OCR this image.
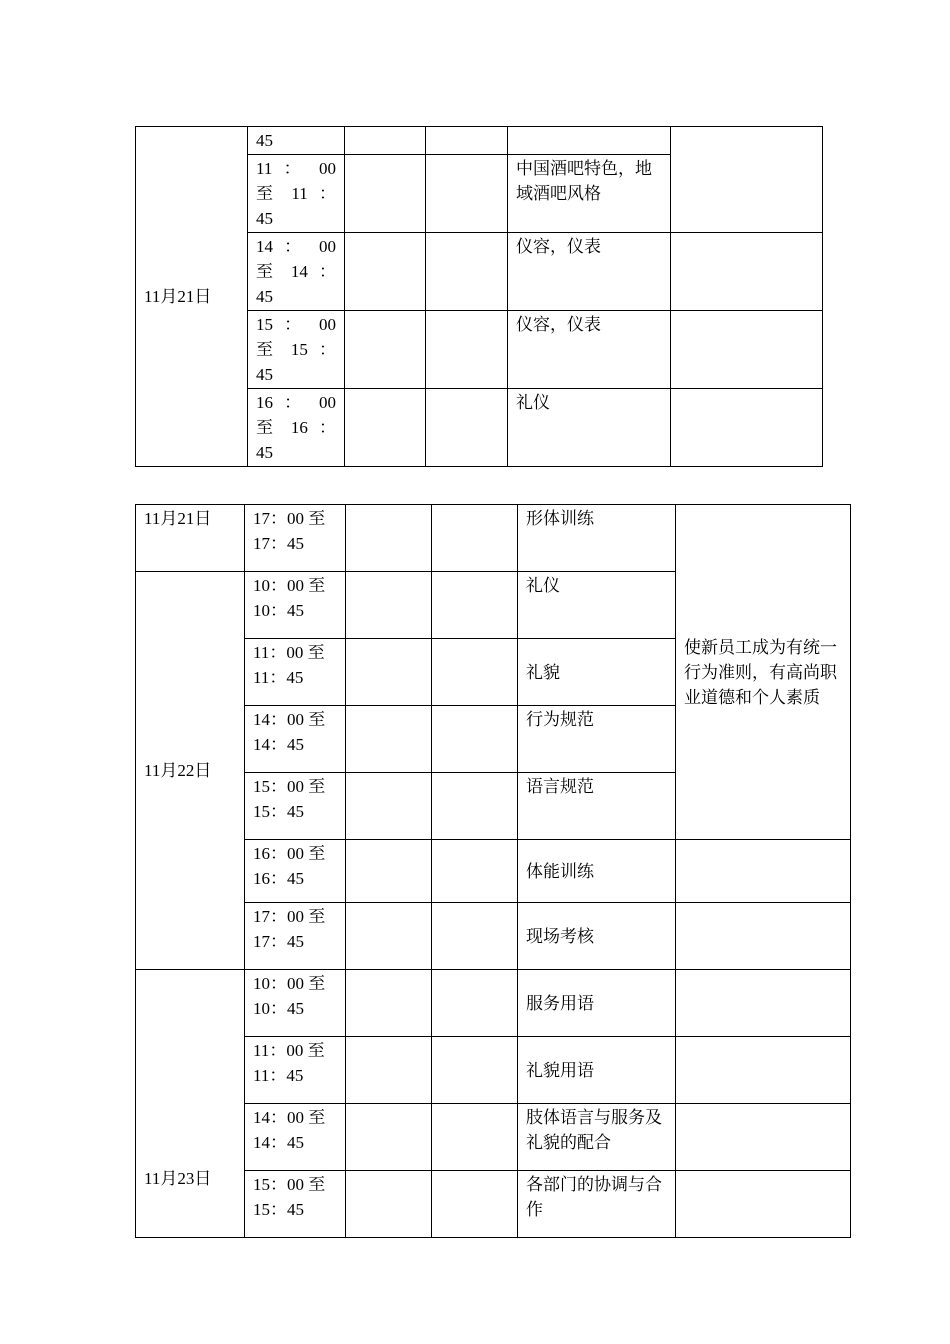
11月21日	45				

	11 ： 00
至 11 ：
45			中国酒吧特色，地域酒吧风格	

	14 ： 00
至 14 ：
45			仪容，仪表	

	15 ： 00
至 15 ：
45			仪容，仪表	

	16 ： 00
至 16 ：
45			礼仪	
11月21日	17：00 至
17：45			形体训练	使新员工成为有统一行为准则，有高尚职业道德和个人素质
11月22日	10：00 至
10：45			礼仪	

	11：00 至
11：45			礼貌	

	14：00 至
14：45			行为规范	

	15：00 至
15：45			语言规范	

	16：00 至
16：45			体能训练	

	17：00 至
17：45			现场考核	
11月23日	10：00 至
10：45			服务用语	

	11：00 至
11：45			礼貌用语	

	14：00 至
14：45			肢体语言与服务及礼貌的配合	

	15：00 至
15：45			各部门的协调与合作	
